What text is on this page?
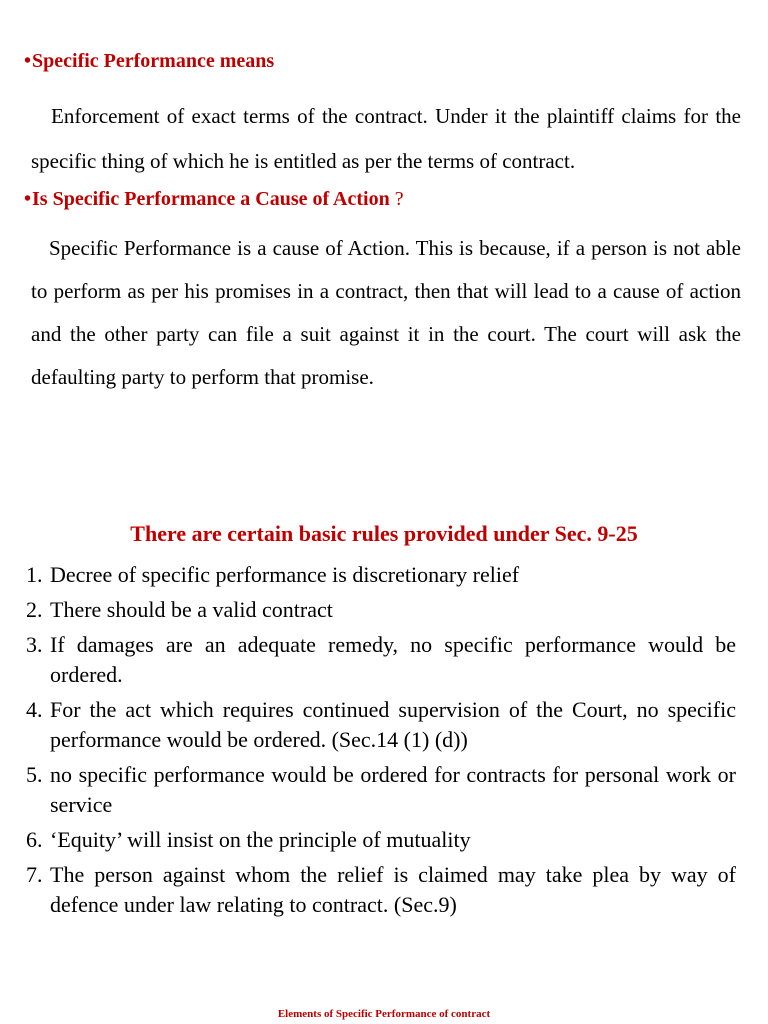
•Specific Performance means

Enforcement of exact terms of the contract. Under it the plaintiff claims for the specific thing of which he is entitled as per the terms of contract.

•Is Specific Performance a Cause of Action ?

Specific Performance is a cause of Action. This is because, if a person is not able to perform as per his promises in a contract, then that will lead to a cause of action and the other party can file a suit against it in the court. The court will ask the defaulting party to perform that promise.

There are certain basic rules provided under Sec. 9-25
1. Decree of specific performance is discretionary relief
2. There should be a valid contract
3. If damages are an adequate remedy, no specific performance would be ordered.
4. For the act which requires continued supervision of the Court, no specific performance would be ordered. (Sec.14 (1) (d))
5. no specific performance would be ordered for contracts for personal work or service
6. ‘Equity’ will insist on the principle of mutuality
7. The person against whom the relief is claimed may take plea by way of defence under law relating to contract. (Sec.9)
Elements of Specific Performance of contract
